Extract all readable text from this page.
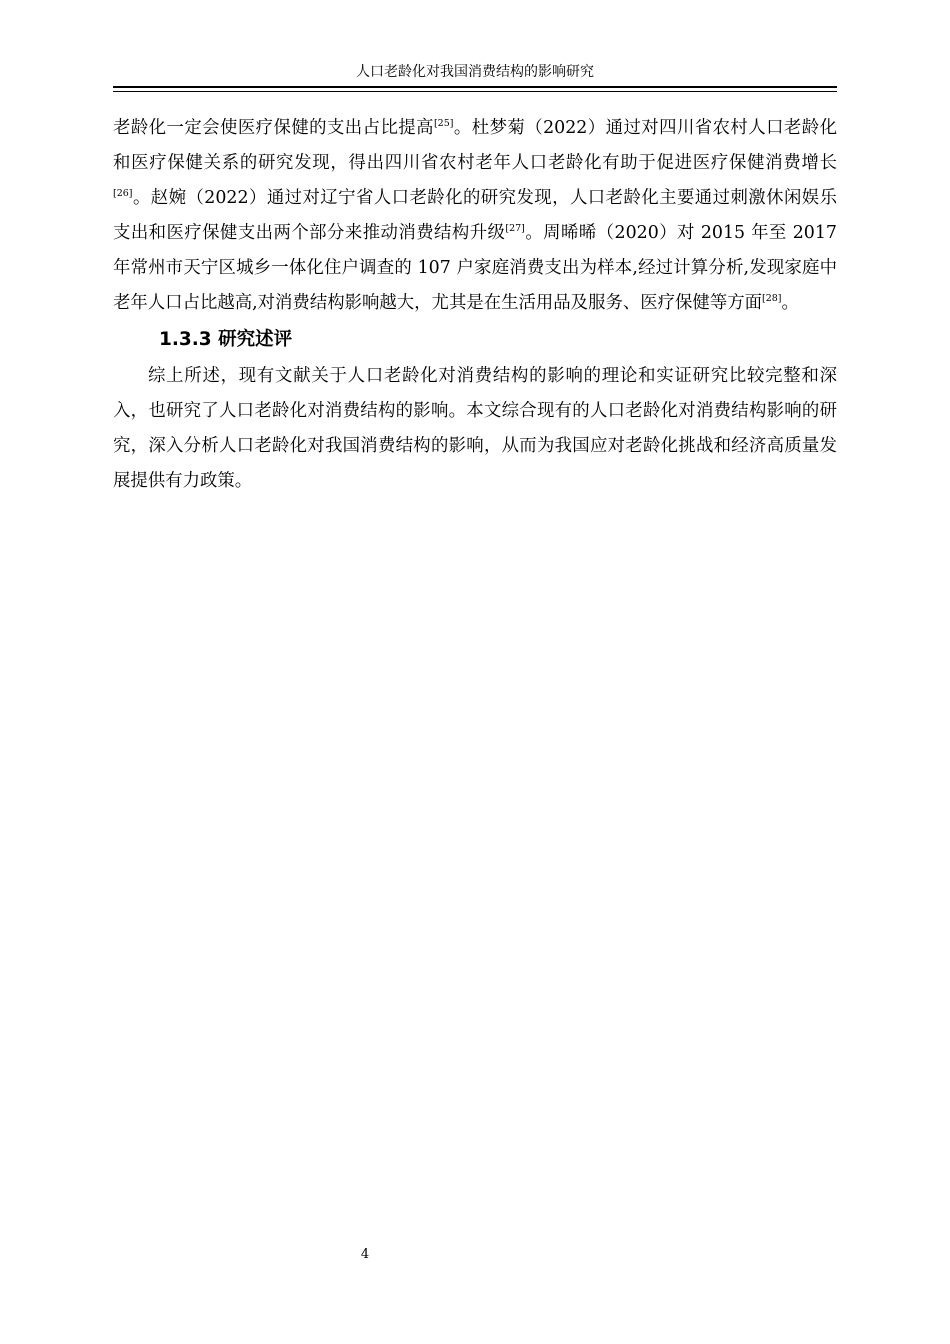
人口老龄化对我国消费结构的影响研究

老龄化一定会使医疗保健的支出占比提高[25]。杜梦菊（2022）通过对四川省农村人口老龄化和医疗保健关系的研究发现，得出四川省农村老年人口老龄化有助于促进医疗保健消费增长[26]。赵婉（2022）通过对辽宁省人口老龄化的研究发现，人口老龄化主要通过刺激休闲娱乐支出和医疗保健支出两个部分来推动消费结构升级[27]。周晞晞（2020）对 2015 年至 2017 年常州市天宁区城乡一体化住户调查的 107 户家庭消费支出为样本,经过计算分析,发现家庭中老年人口占比越高,对消费结构影响越大，尤其是在生活用品及服务、医疗保健等方面[28]。

1.3.3 研究述评

综上所述，现有文献关于人口老龄化对消费结构的影响的理论和实证研究比较完整和深入，也研究了人口老龄化对消费结构的影响。本文综合现有的人口老龄化对消费结构影响的研究，深入分析人口老龄化对我国消费结构的影响，从而为我国应对老龄化挑战和经济高质量发展提供有力政策。

4
